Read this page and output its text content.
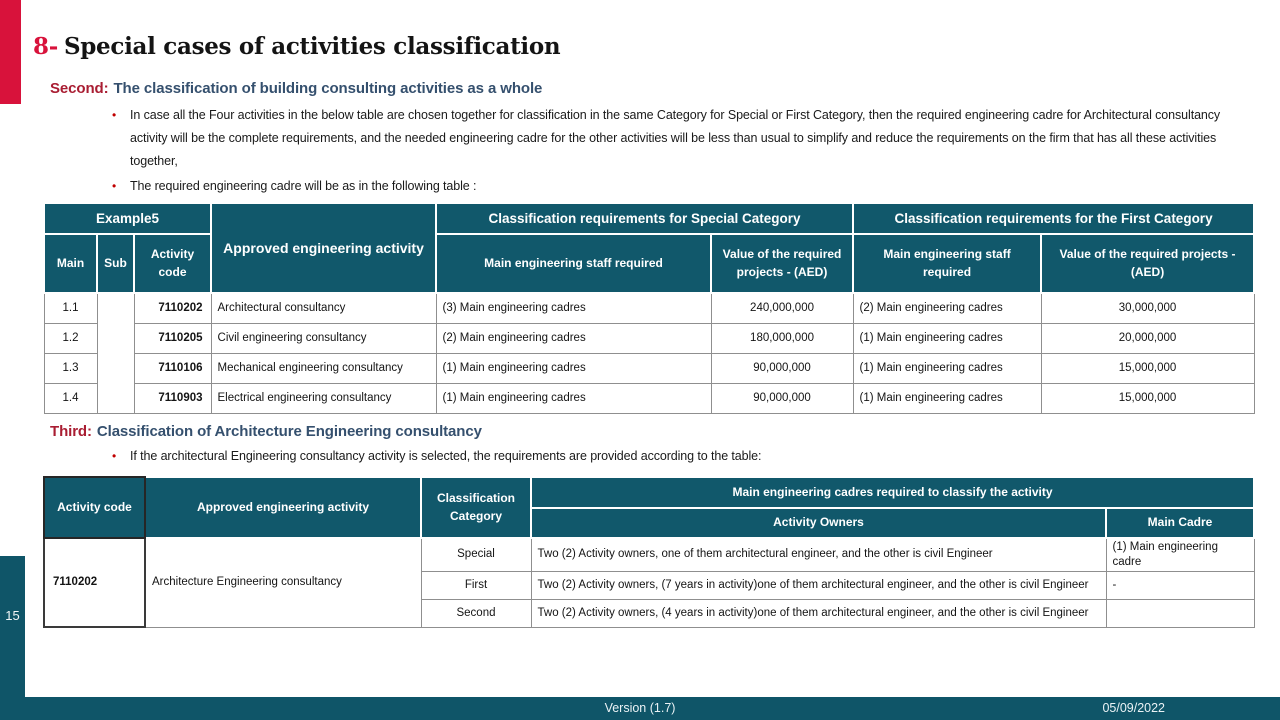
8- Special cases of activities classification
Second: The classification of building consulting activities as a whole
•	In case all the Four activities in the below table are chosen together for classification in the same Category for Special or First Category, then the required engineering cadre for Architectural consultancy activity will be the complete requirements, and the needed engineering cadre for the other activities will be less than usual to simplify and reduce the requirements on the firm that has all these activities together,
•	The required engineering cadre will be as in the following table :
Example5			Approved engineering activity	Classification requirements for Special Category		Classification requirements for the First Category	
Main	Sub	Activity code		Main engineering staff required	Value of the required projects - (AED)	Main engineering staff required	Value of the required projects - (AED)
1.1		7110202	Architectural consultancy	(3) Main engineering cadres	240,000,000	(2) Main engineering cadres	30,000,000
1.2		7110205	Civil engineering consultancy	(2) Main engineering cadres	180,000,000	(1) Main engineering cadres	20,000,000
1.3		7110106	Mechanical engineering consultancy	(1) Main engineering cadres	90,000,000	(1) Main engineering cadres	15,000,000
1.4		7110903	Electrical engineering consultancy	(1) Main engineering cadres	90,000,000	(1) Main engineering cadres	15,000,000
Third: Classification of Architecture Engineering consultancy
•	If the architectural Engineering consultancy activity is selected, the requirements are provided according to the table:
Activity code	Approved engineering activity	Classification Category	Main engineering cadres required to classify the activity	
			Activity Owners	Main Cadre
7110202	Architecture Engineering consultancy	Special	Two (2) Activity owners, one of them architectural engineer, and the other is civil Engineer	(1) Main engineering cadre
		First	Two (2) Activity owners, (7 years in activity)one of them architectural engineer, and the other is civil Engineer	-
		Second	Two (2) Activity owners, (4 years in activity)one of them architectural engineer, and the other is civil Engineer	
15
Version (1.7)	05/09/2022
